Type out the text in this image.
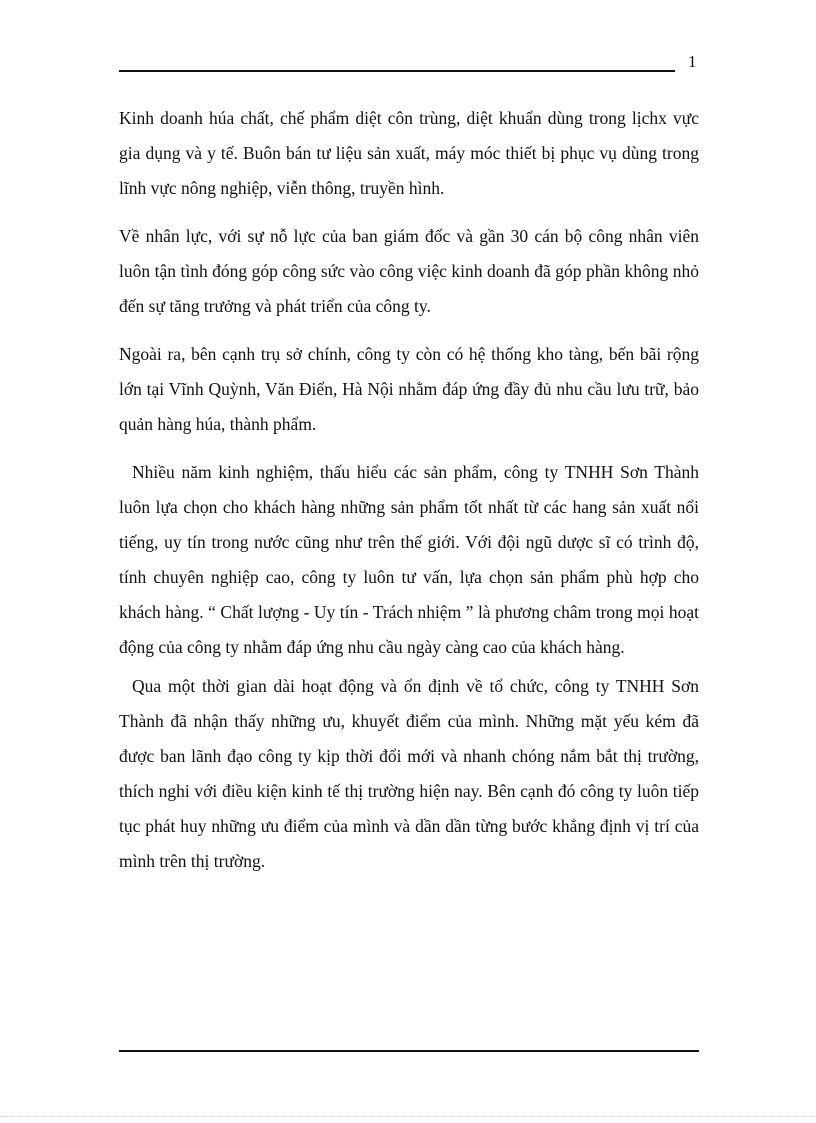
1

Kinh doanh húa chất, chế phẩm diệt côn trùng, diệt khuẩn dùng trong lịchx vực gia dụng và y tế. Buôn bán tư liệu sản xuất, máy móc thiết bị phục vụ dùng trong lĩnh vực nông nghiệp, viễn thông, truyền hình.

Về nhân lực, với sự nỗ lực của ban giám đốc và gần 30 cán bộ công nhân viên luôn tận tình đóng góp công sức vào công việc kinh doanh đã góp phần không nhỏ đến sự tăng trưởng và phát triển của công ty.

Ngoài ra, bên cạnh trụ sở chính, công ty còn có hệ thống kho tàng, bến bãi rộng lớn tại Vĩnh Quỳnh, Văn Điển, Hà Nội nhằm đáp ứng đầy đủ nhu cầu lưu trữ, bảo quản hàng húa, thành phẩm.

Nhiều năm kinh nghiệm, thấu hiểu các sản phẩm, công ty TNHH Sơn Thành luôn lựa chọn cho khách hàng những sản phẩm tốt nhất từ các hang sản xuất nổi tiếng, uy tín trong nước cũng như trên thế giới. Với đội ngũ dược sĩ có trình độ, tính chuyên nghiệp cao, công ty luôn tư vấn, lựa chọn sản phẩm phù hợp cho khách hàng. “ Chất lượng - Uy tín - Trách nhiệm ” là phương châm trong mọi hoạt động của công ty nhằm đáp ứng nhu cầu ngày càng cao của khách hàng.

Qua một thời gian dài hoạt động và ổn định về tổ chức, công ty TNHH Sơn Thành đã nhận thấy những ưu, khuyết điểm của mình. Những mặt yếu kém đã được ban lãnh đạo công ty kịp thời đổi mới và nhanh chóng nắm bắt thị trường, thích nghi với điều kiện kinh tế thị trường hiện nay. Bên cạnh đó công ty luôn tiếp tục phát huy những ưu điểm của mình và dần dần từng bước khẳng định vị trí của mình trên thị trường.
